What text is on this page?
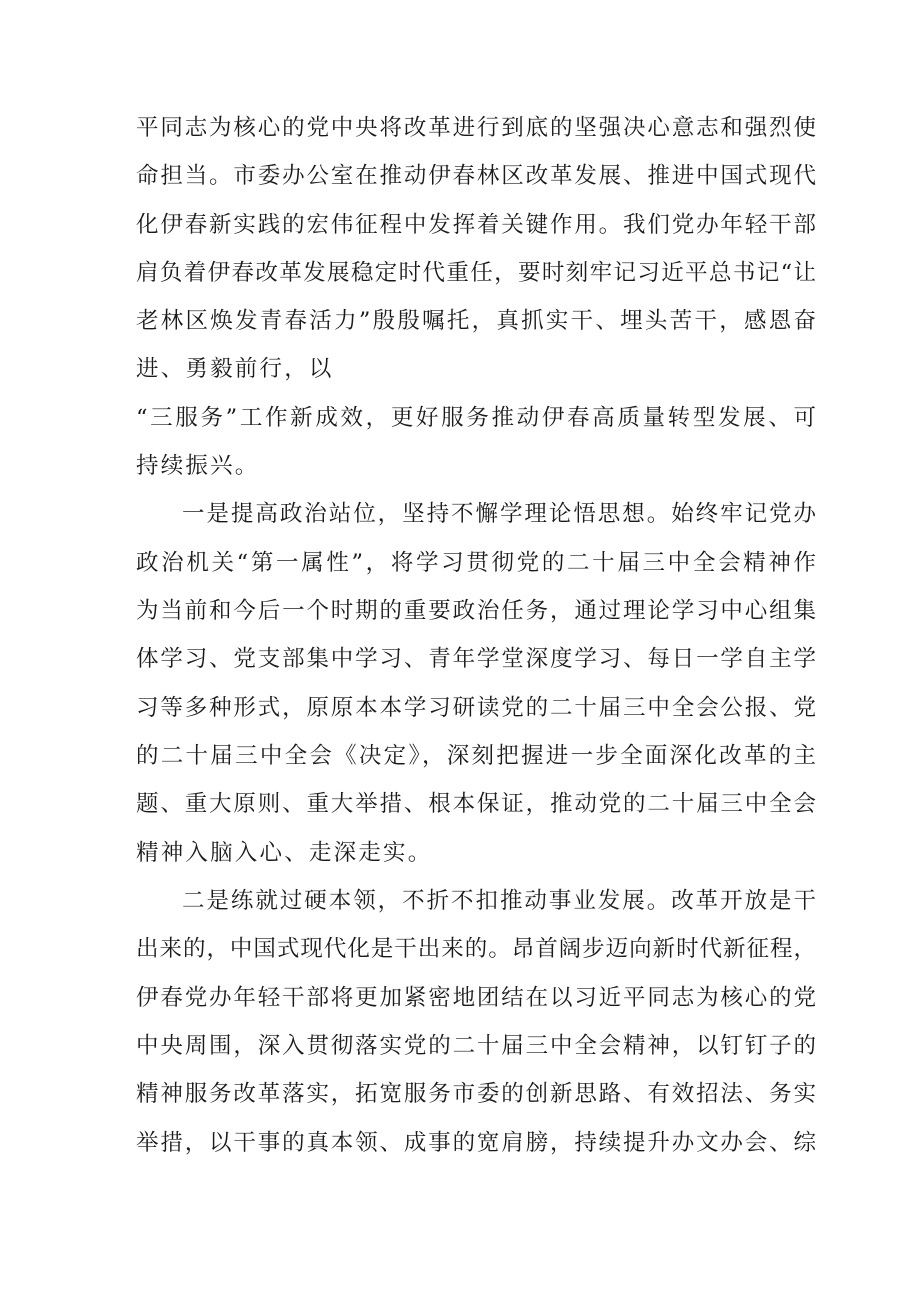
平同志为核心的党中央将改革进行到底的坚强决心意志和强烈使

命担当。市委办公室在推动伊春林区改革发展、推进中国式现代

化伊春新实践的宏伟征程中发挥着关键作用。我们党办年轻干部

肩负着伊春改革发展稳定时代重任，要时刻牢记习近平总书记“让

老林区焕发青春活力”殷殷嘱托，真抓实干、埋头苦干，感恩奋

进、勇毅前行，以

“三服务”工作新成效，更好服务推动伊春高质量转型发展、可

持续振兴。

一是提高政治站位，坚持不懈学理论悟思想。始终牢记党办

政治机关“第一属性”，将学习贯彻党的二十届三中全会精神作

为当前和今后一个时期的重要政治任务，通过理论学习中心组集

体学习、党支部集中学习、青年学堂深度学习、每日一学自主学

习等多种形式，原原本本学习研读党的二十届三中全会公报、党

的二十届三中全会《决定》，深刻把握进一步全面深化改革的主

题、重大原则、重大举措、根本保证，推动党的二十届三中全会

精神入脑入心、走深走实。

二是练就过硬本领，不折不扣推动事业发展。改革开放是干

出来的，中国式现代化是干出来的。昂首阔步迈向新时代新征程，

伊春党办年轻干部将更加紧密地团结在以习近平同志为核心的党

中央周围，深入贯彻落实党的二十届三中全会精神，以钉钉子的

精神服务改革落实，拓宽服务市委的创新思路、有效招法、务实

举措，以干事的真本领、成事的宽肩膀，持续提升办文办会、综
